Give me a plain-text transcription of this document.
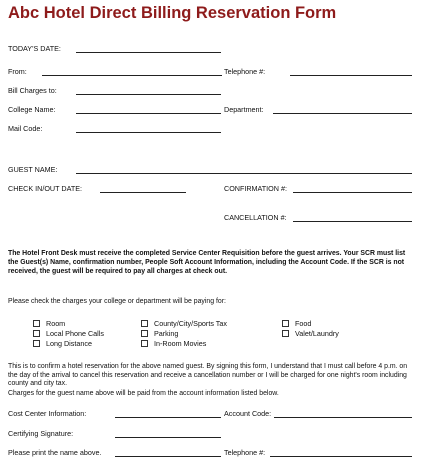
Abc Hotel Direct Billing Reservation Form
TODAY'S DATE:
From:	Telephone #:
Bill Charges to:
College Name:	Department:
Mail Code:
GUEST NAME:
CHECK IN/OUT DATE:	CONFIRMATION #:
CANCELLATION #:
The Hotel Front Desk must receive the completed Service Center Requisition before the guest arrives. Your SCR must list the Guest(s) Name, confirmation number, People Soft Account Information, including the Account Code. If the SCR is not received, the guest will be required to pay all charges at check out.
Please check the charges your college or department will be paying for:
Room
Local Phone Calls
Long Distance
County/City/Sports Tax
Parking
In-Room Movies
Food
Valet/Laundry
This is to confirm a hotel reservation for the above named guest. By signing this form, I understand that I must call before 4 p.m. on the day of the arrival to cancel this reservation and receive a cancellation number or I will be charged for one night's room including county and city tax.
Charges for the guest name above will be paid from the account information listed below.
Cost Center Information:	Account Code:
Certifying Signature:
Please print the name above.	Telephone #:
